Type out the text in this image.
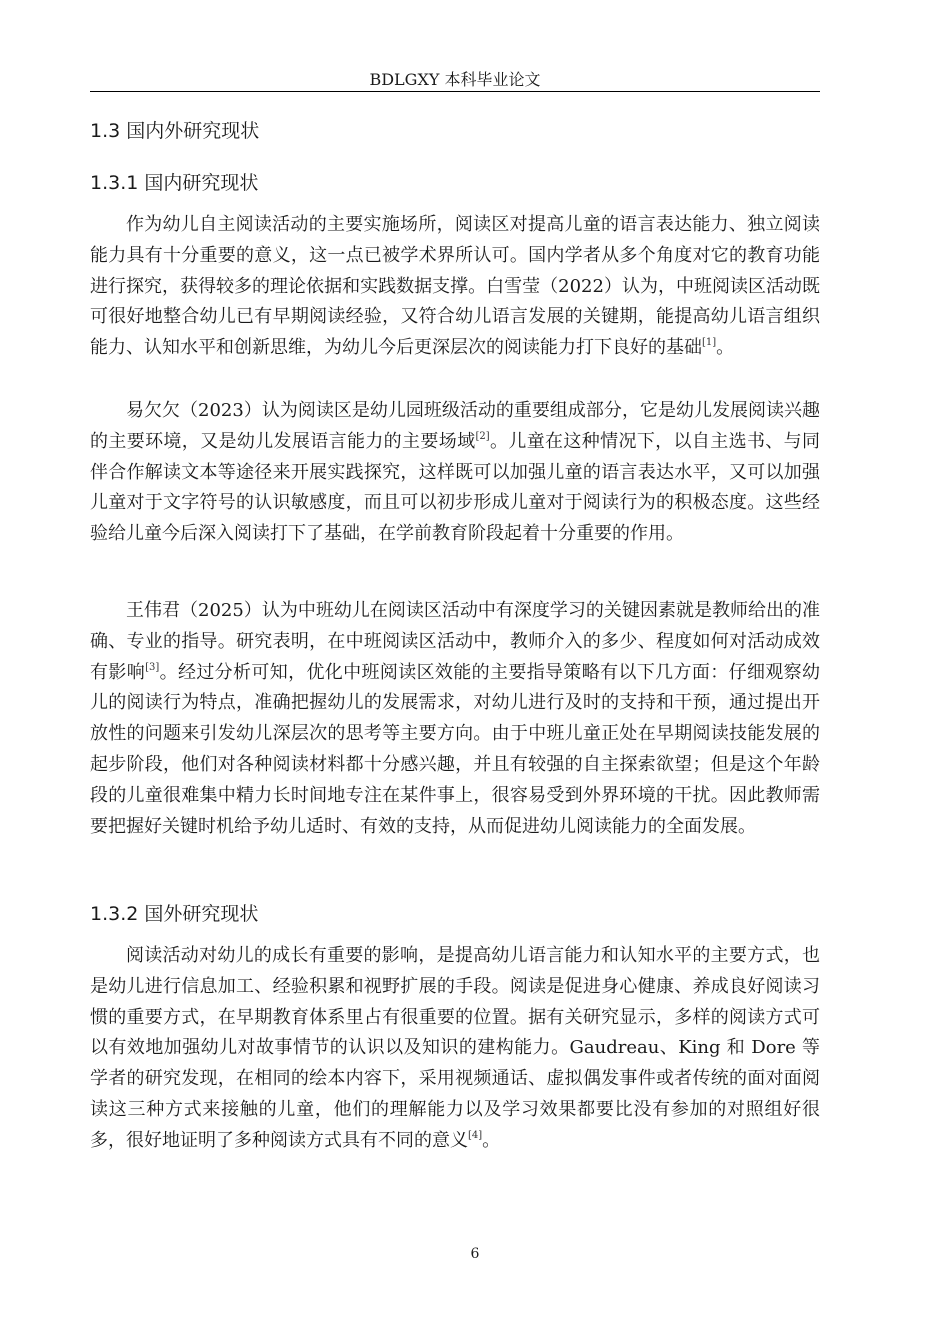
BDLGXY 本科毕业论文
1.3 国内外研究现状
1.3.1 国内研究现状

作为幼儿自主阅读活动的主要实施场所，阅读区对提高儿童的语言表达能力、独立阅读能力具有十分重要的意义，这一点已被学术界所认可。国内学者从多个角度对它的教育功能进行探究，获得较多的理论依据和实践数据支撑。白雪莹（2022）认为，中班阅读区活动既可很好地整合幼儿已有早期阅读经验，又符合幼儿语言发展的关键期，能提高幼儿语言组织能力、认知水平和创新思维，为幼儿今后更深层次的阅读能力打下良好的基础[1]。

易欠欠（2023）认为阅读区是幼儿园班级活动的重要组成部分，它是幼儿发展阅读兴趣的主要环境，又是幼儿发展语言能力的主要场域[2]。儿童在这种情况下，以自主选书、与同伴合作解读文本等途径来开展实践探究，这样既可以加强儿童的语言表达水平，又可以加强儿童对于文字符号的认识敏感度，而且可以初步形成儿童对于阅读行为的积极态度。这些经验给儿童今后深入阅读打下了基础，在学前教育阶段起着十分重要的作用。

王伟君（2025）认为中班幼儿在阅读区活动中有深度学习的关键因素就是教师给出的准确、专业的指导。研究表明，在中班阅读区活动中，教师介入的多少、程度如何对活动成效有影响[3]。经过分析可知，优化中班阅读区效能的主要指导策略有以下几方面：仔细观察幼儿的阅读行为特点，准确把握幼儿的发展需求，对幼儿进行及时的支持和干预，通过提出开放性的问题来引发幼儿深层次的思考等主要方向。由于中班儿童正处在早期阅读技能发展的起步阶段，他们对各种阅读材料都十分感兴趣，并且有较强的自主探索欲望；但是这个年龄段的儿童很难集中精力长时间地专注在某件事上，很容易受到外界环境的干扰。因此教师需要把握好关键时机给予幼儿适时、有效的支持，从而促进幼儿阅读能力的全面发展。

1.3.2 国外研究现状

阅读活动对幼儿的成长有重要的影响，是提高幼儿语言能力和认知水平的主要方式，也是幼儿进行信息加工、经验积累和视野扩展的手段。阅读是促进身心健康、养成良好阅读习惯的重要方式，在早期教育体系里占有很重要的位置。据有关研究显示，多样的阅读方式可以有效地加强幼儿对故事情节的认识以及知识的建构能力。Gaudreau、King 和 Dore 等学者的研究发现，在相同的绘本内容下，采用视频通话、虚拟偶发事件或者传统的面对面阅读这三种方式来接触的儿童，他们的理解能力以及学习效果都要比没有参加的对照组好很多，很好地证明了多种阅读方式具有不同的意义[4]。

6
